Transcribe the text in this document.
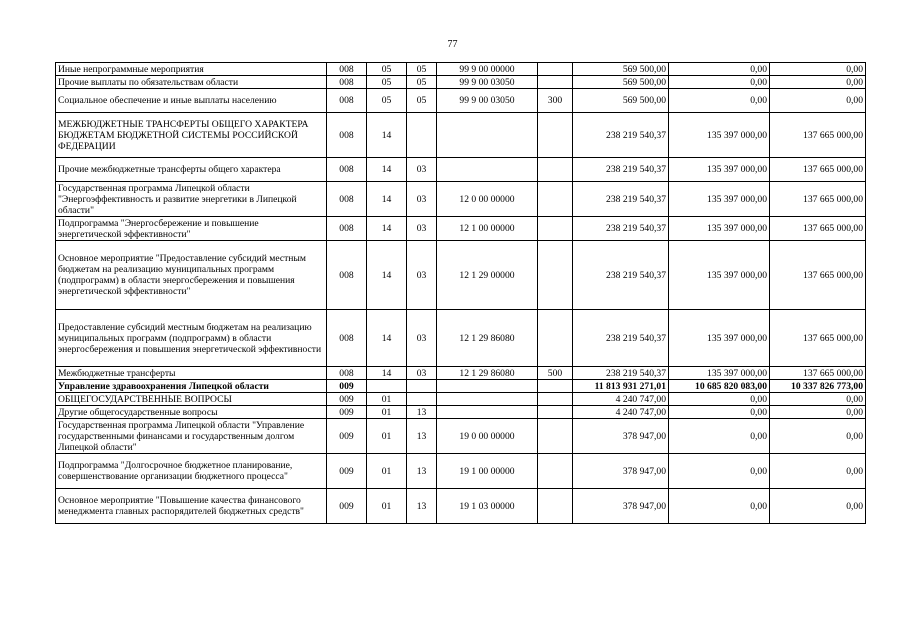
77
Иные непрограммные мероприятия	008	05	05	99 9 00 00000		569 500,00	0,00	0,00
Прочие выплаты по обязательствам области	008	05	05	99 9 00 03050		569 500,00	0,00	0,00
Социальное обеспечение и иные выплаты населению	008	05	05	99 9 00 03050	300	569 500,00	0,00	0,00
МЕЖБЮДЖЕТНЫЕ ТРАНСФЕРТЫ ОБЩЕГО ХАРАКТЕРА БЮДЖЕТАМ БЮДЖЕТНОЙ СИСТЕМЫ РОССИЙСКОЙ ФЕДЕРАЦИИ	008	14				238 219 540,37	135 397 000,00	137 665 000,00
Прочие межбюджетные трансферты общего характера	008	14	03			238 219 540,37	135 397 000,00	137 665 000,00
Государственная программа Липецкой области "Энергоэффективность и развитие энергетики в Липецкой области"	008	14	03	12 0 00 00000		238 219 540,37	135 397 000,00	137 665 000,00
Подпрограмма "Энергосбережение и повышение энергетической эффективности"	008	14	03	12 1 00 00000		238 219 540,37	135 397 000,00	137 665 000,00
Основное мероприятие "Предоставление субсидий местным бюджетам на реализацию муниципальных программ (подпрограмм) в области энергосбережения и повышения энергетической эффективности"	008	14	03	12 1 29 00000		238 219 540,37	135 397 000,00	137 665 000,00
Предоставление субсидий местным бюджетам на реализацию муниципальных программ (подпрограмм) в области энергосбережения и повышения энергетической эффективности	008	14	03	12 1 29 86080		238 219 540,37	135 397 000,00	137 665 000,00
Межбюджетные трансферты	008	14	03	12 1 29 86080	500	238 219 540,37	135 397 000,00	137 665 000,00
Управление здравоохранения Липецкой области	009					11 813 931 271,01	10 685 820 083,00	10 337 826 773,00
ОБЩЕГОСУДАРСТВЕННЫЕ ВОПРОСЫ	009	01				4 240 747,00	0,00	0,00
Другие общегосударственные вопросы	009	01	13			4 240 747,00	0,00	0,00
Государственная программа Липецкой области "Управление государственными финансами и государственным долгом Липецкой области"	009	01	13	19 0 00 00000		378 947,00	0,00	0,00
Подпрограмма "Долгосрочное бюджетное планирование, совершенствование организации бюджетного процесса"	009	01	13	19 1 00 00000		378 947,00	0,00	0,00
Основное мероприятие "Повышение качества финансового менеджмента главных распорядителей бюджетных средств"	009	01	13	19 1 03 00000		378 947,00	0,00	0,00
